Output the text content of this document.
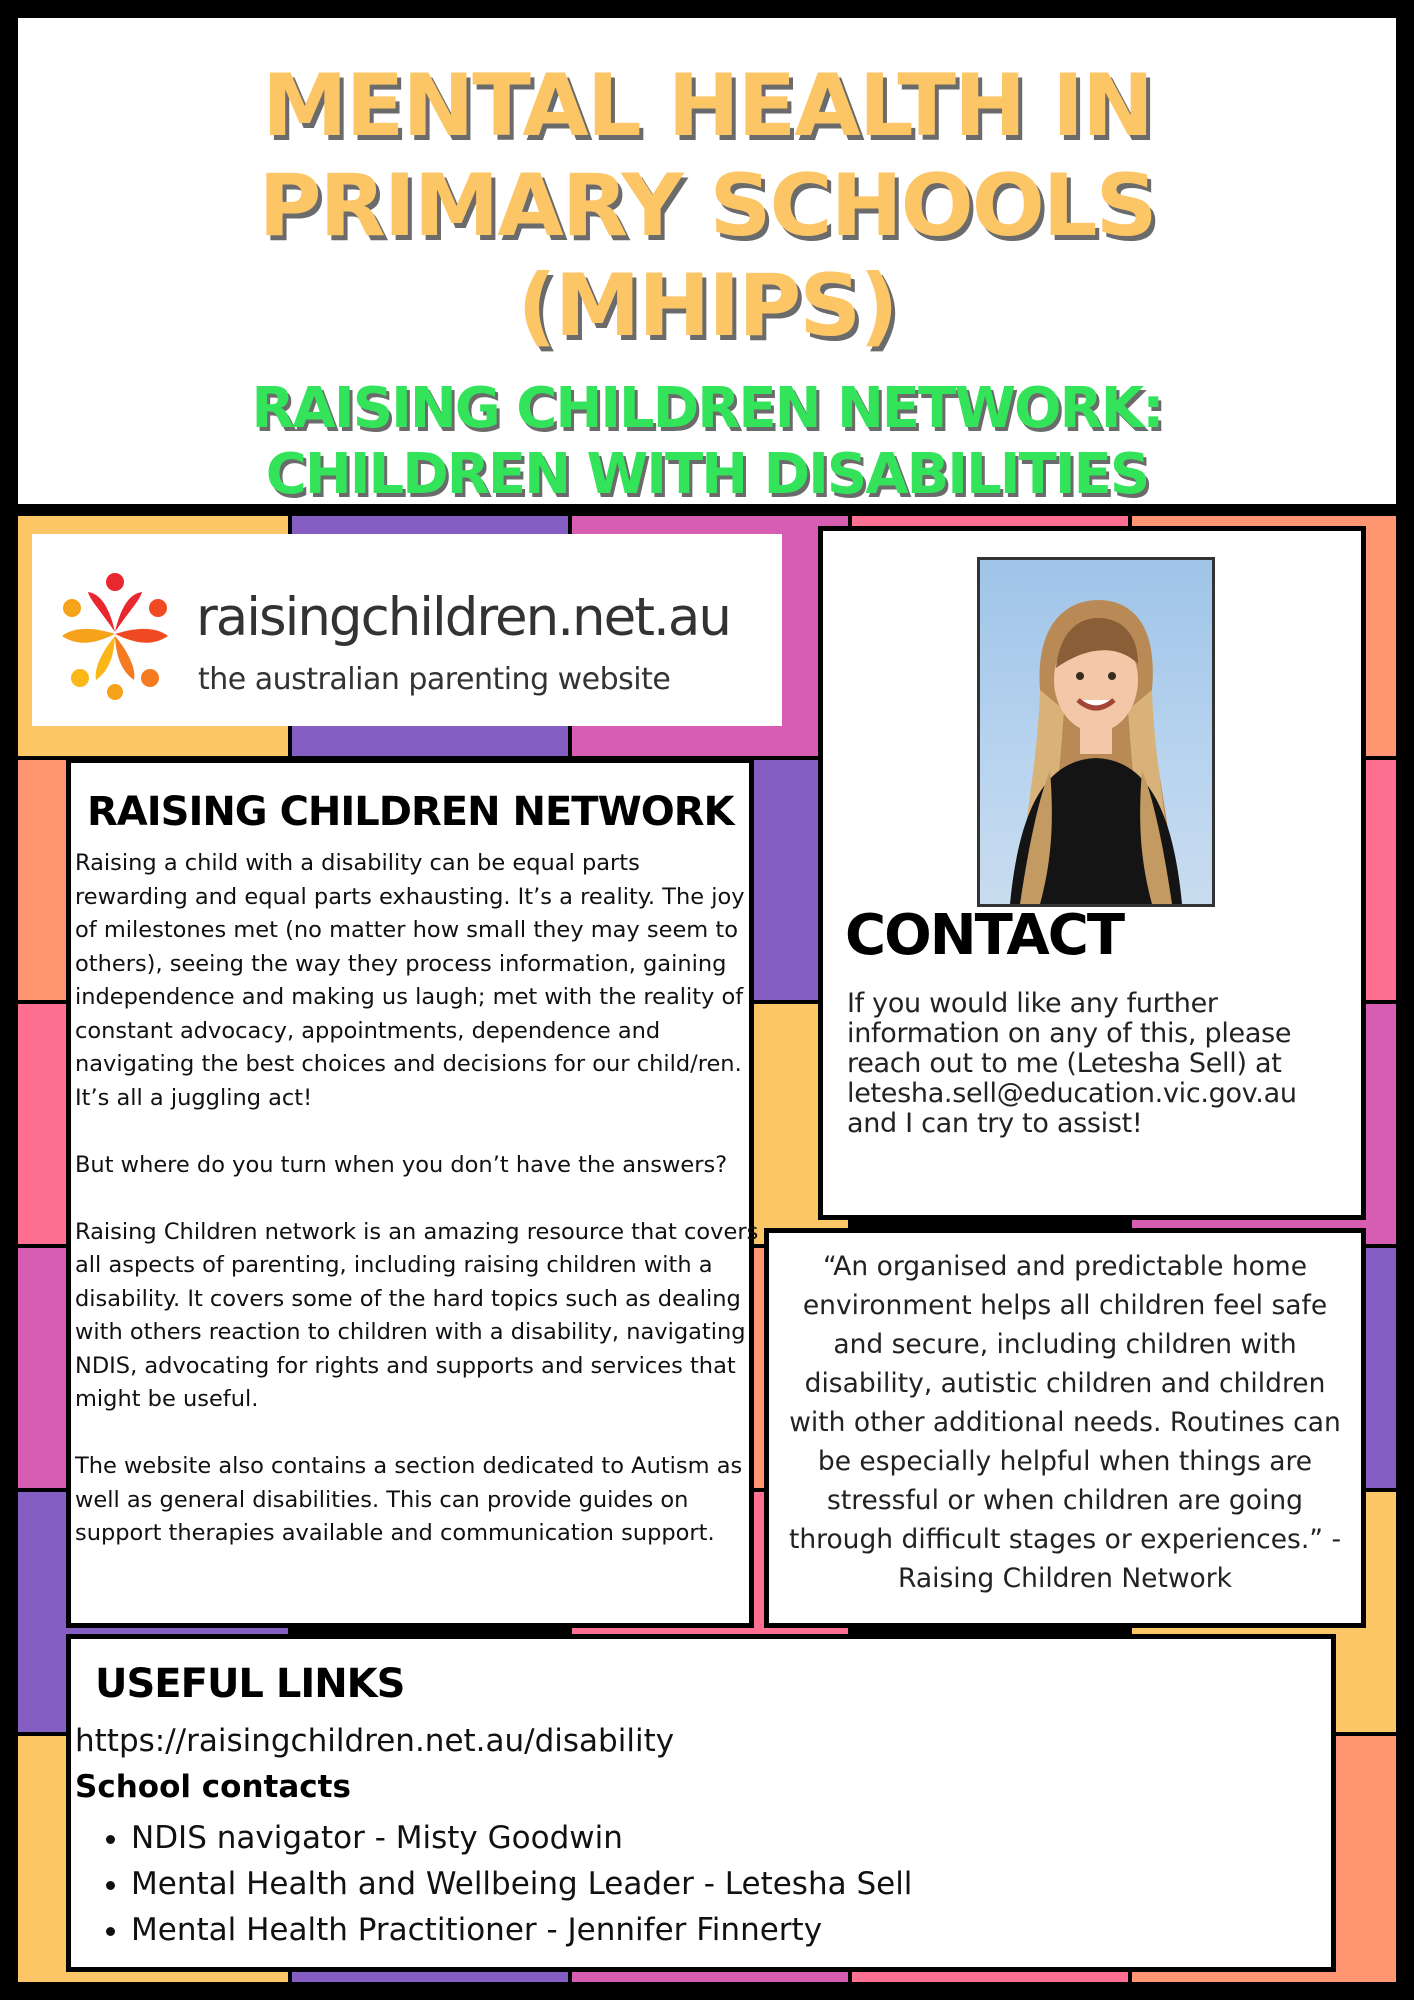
MENTAL HEALTH IN
PRIMARY SCHOOLS
(MHIPS)
RAISING CHILDREN NETWORK:
CHILDREN WITH DISABILITIES
raisingchildren.net.au
the australian parenting website
RAISING CHILDREN NETWORK

Raising a child with a disability can be equal parts rewarding and equal parts exhausting. It’s a reality. The joy of milestones met (no matter how small they may seem to others), seeing the way they process information, gaining independence and making us laugh; met with the reality of constant advocacy, appointments, dependence and navigating the best choices and decisions for our child/ren. It’s all a juggling act!

But where do you turn when you don’t have the answers?

Raising Children network is an amazing resource that covers all aspects of parenting, including raising children with a disability. It covers some of the hard topics such as dealing with others reaction to children with a disability, navigating NDIS, advocating for rights and supports and services that might be useful.

The website also contains a section dedicated to Autism as well as general disabilities. This can provide guides on support therapies available and communication support.

CONTACT
If you would like any further information on any of this, please reach out to me (Letesha Sell) at letesha.sell@education.vic.gov.au and I can try to assist!
“An organised and predictable home environment helps all children feel safe and secure, including children with disability, autistic children and children with other additional needs. Routines can be especially helpful when things are stressful or when children are going through difficult stages or experiences.” - Raising Children Network
USEFUL LINKS
https://raisingchildren.net.au/disability
School contacts
• NDIS navigator - Misty Goodwin
• Mental Health and Wellbeing Leader - Letesha Sell
• Mental Health Practitioner - Jennifer Finnerty
